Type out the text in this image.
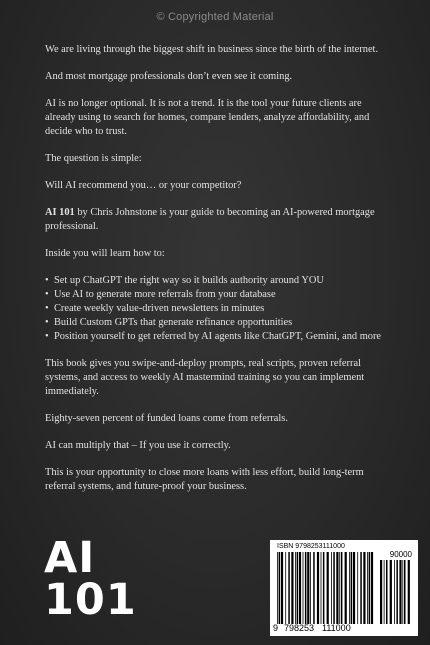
© Copyrighted Material

We are living through the biggest shift in business since the birth of the internet.

And most mortgage professionals don’t even see it coming.

AI is no longer optional. It is not a trend. It is the tool your future clients are already using to search for homes, compare lenders, analyze affordability, and decide who to trust.

The question is simple:

Will AI recommend you… or your competitor?

AI 101 by Chris Johnstone is your guide to becoming an AI-powered mortgage professional.

Inside you will learn how to:

• Set up ChatGPT the right way so it builds authority around YOU
• Use AI to generate more referrals from your database
• Create weekly value-driven newsletters in minutes
• Build Custom GPTs that generate refinance opportunities
• Position yourself to get referred by AI agents like ChatGPT, Gemini, and more

This book gives you swipe-and-deploy prompts, real scripts, proven referral systems, and access to weekly AI mastermind training so you can implement immediately.

Eighty-seven percent of funded loans come from referrals.

AI can multiply that – If you use it correctly.

This is your opportunity to close more loans with less effort, build long-term referral systems, and future-proof your business.

AI
101
ISBN 9798253111000
90000
9 798253 111000
